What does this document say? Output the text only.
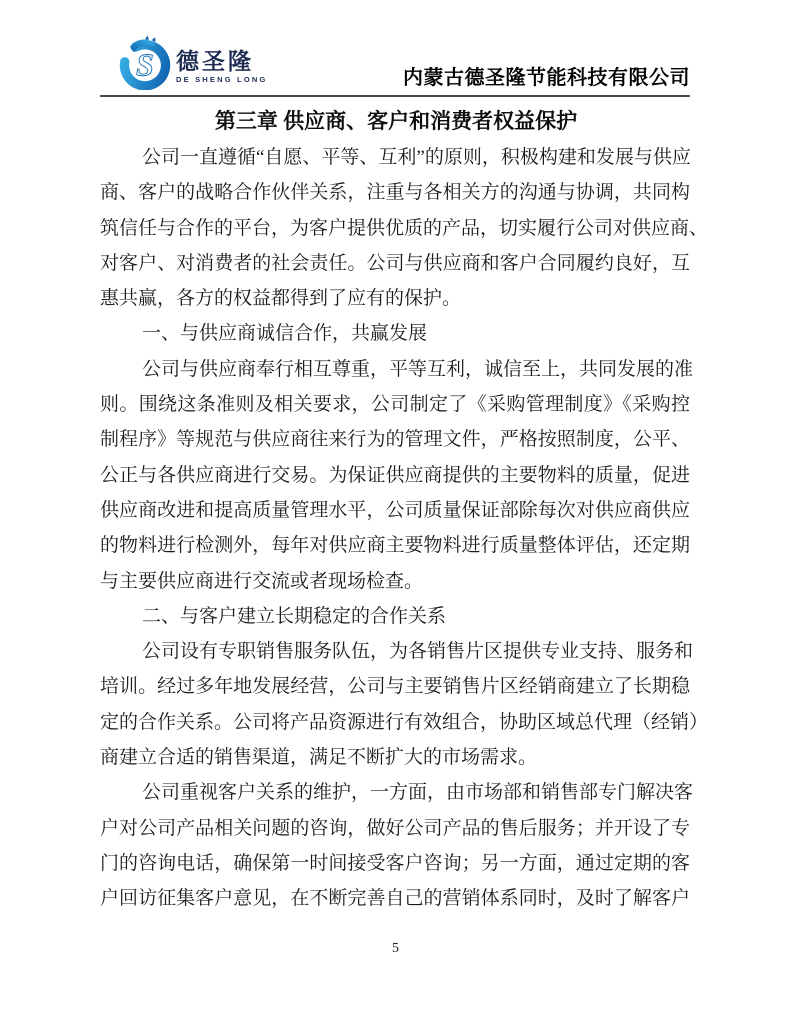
S 德圣隆
DE SHENG LONG	内蒙古德圣隆节能科技有限公司
第三章 供应商、客户和消费者权益保护
公司一直遵循“自愿、平等、互利”的原则，积极构建和发展与供应
商、客户的战略合作伙伴关系，注重与各相关方的沟通与协调，共同构
筑信任与合作的平台，为客户提供优质的产品，切实履行公司对供应商、
对客户、对消费者的社会责任。公司与供应商和客户合同履约良好，互
惠共赢，各方的权益都得到了应有的保护。
一、与供应商诚信合作，共赢发展
公司与供应商奉行相互尊重，平等互利，诚信至上，共同发展的准
则。围绕这条准则及相关要求，公司制定了《采购管理制度》《采购控
制程序》等规范与供应商往来行为的管理文件，严格按照制度，公平、
公正与各供应商进行交易。为保证供应商提供的主要物料的质量，促进
供应商改进和提高质量管理水平，公司质量保证部除每次对供应商供应
的物料进行检测外，每年对供应商主要物料进行质量整体评估，还定期
与主要供应商进行交流或者现场检查。
二、与客户建立长期稳定的合作关系
公司设有专职销售服务队伍，为各销售片区提供专业支持、服务和
培训。经过多年地发展经营，公司与主要销售片区经销商建立了长期稳
定的合作关系。公司将产品资源进行有效组合，协助区域总代理（经销）
商建立合适的销售渠道，满足不断扩大的市场需求。
公司重视客户关系的维护，一方面，由市场部和销售部专门解决客
户对公司产品相关问题的咨询，做好公司产品的售后服务；并开设了专
门的咨询电话，确保第一时间接受客户咨询；另一方面，通过定期的客
户回访征集客户意见，在不断完善自己的营销体系同时，及时了解客户
5
